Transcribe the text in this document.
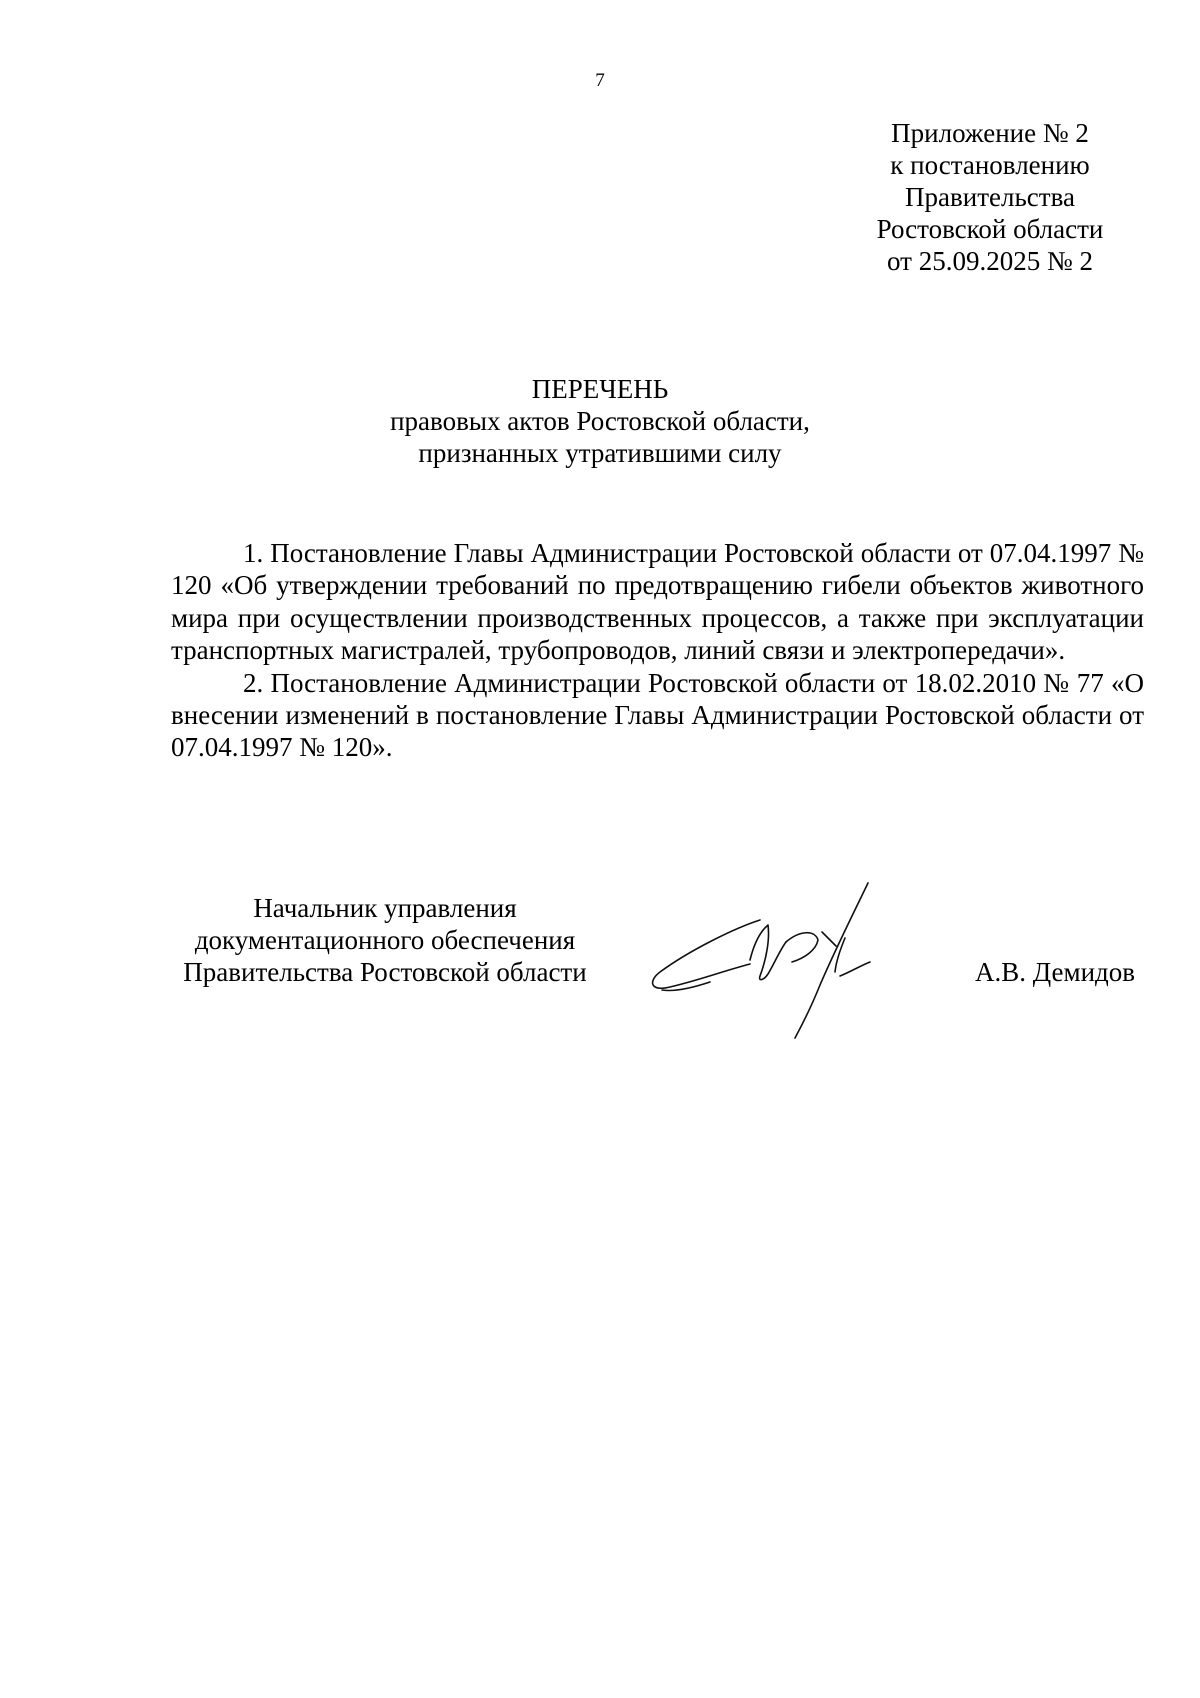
7
Приложение № 2
к постановлению
Правительства
Ростовской области
от 25.09.2025 № 2
ПЕРЕЧЕНЬ
правовых актов Ростовской области,
признанных утратившими силу

1. Постановление Главы Администрации Ростовской области от 07.04.1997 № 120 «Об утверждении требований по предотвращению гибели объектов животного мира при осуществлении производственных процессов, а также при эксплуатации транспортных магистралей, трубопроводов, линий связи и электропередачи».

2. Постановление Администрации Ростовской области от 18.02.2010 № 77 «О внесении изменений в постановление Главы Администрации Ростовской области от 07.04.1997 № 120».

Начальник управления
документационного обеспечения
Правительства Ростовской области	А.В. Демидов
